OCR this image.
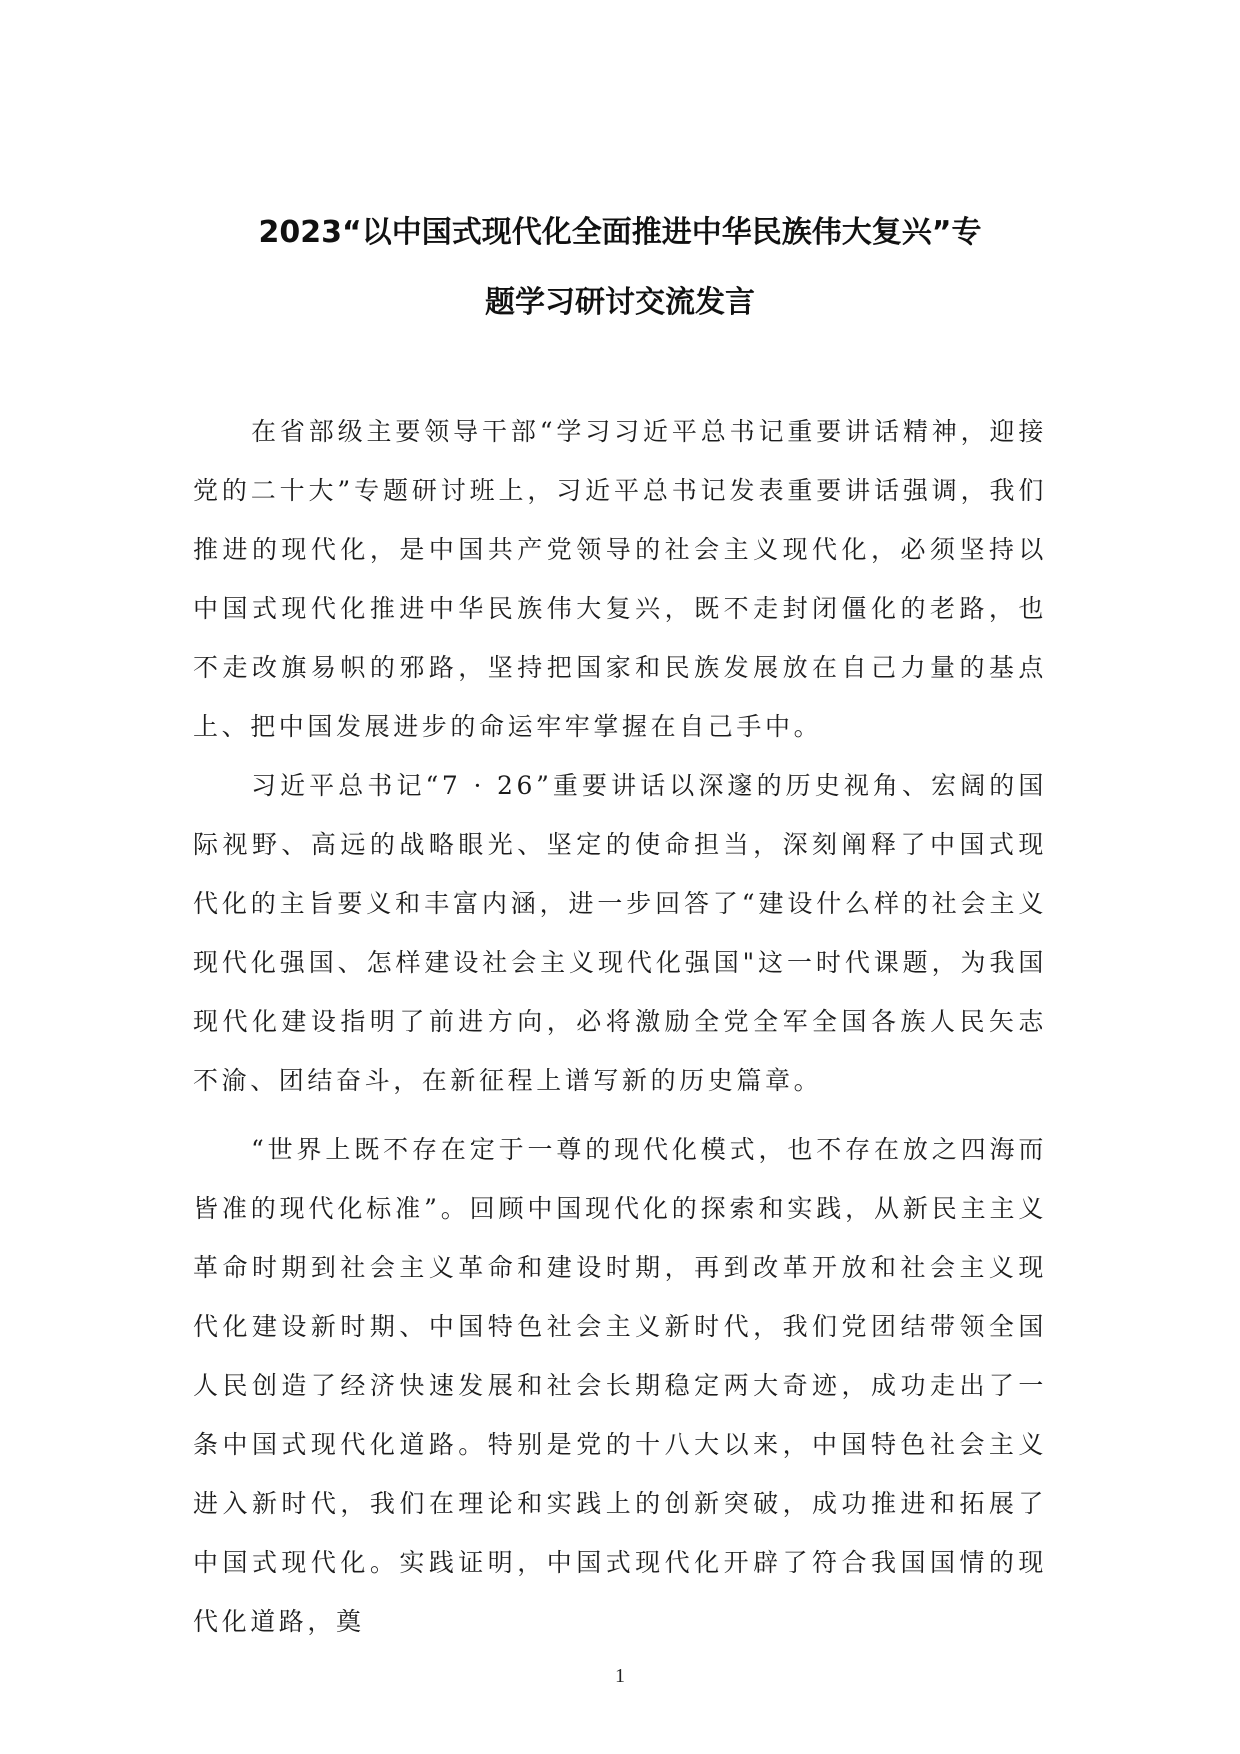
2023“以中国式现代化全面推进中华民族伟大复兴”专
题学习研讨交流发言

在省部级主要领导干部“学习习近平总书记重要讲话精神，迎接党的二十大”专题研讨班上，习近平总书记发表重要讲话强调，我们推进的现代化，是中国共产党领导的社会主义现代化，必须坚持以中国式现代化推进中华民族伟大复兴，既不走封闭僵化的老路，也不走改旗易帜的邪路，坚持把国家和民族发展放在自己力量的基点上、把中国发展进步的命运牢牢掌握在自己手中。

习近平总书记“7 · 26”重要讲话以深邃的历史视角、宏阔的国际视野、高远的战略眼光、坚定的使命担当，深刻阐释了中国式现代化的主旨要义和丰富内涵，进一步回答了“建设什么样的社会主义现代化强国、怎样建设社会主义现代化强国"这一时代课题，为我国现代化建设指明了前进方向，必将激励全党全军全国各族人民矢志不渝、团结奋斗，在新征程上谱写新的历史篇章。

“世界上既不存在定于一尊的现代化模式，也不存在放之四海而皆准的现代化标准”。回顾中国现代化的探索和实践，从新民主主义革命时期到社会主义革命和建设时期，再到改革开放和社会主义现代化建设新时期、中国特色社会主义新时代，我们党团结带领全国人民创造了经济快速发展和社会长期稳定两大奇迹，成功走出了一条中国式现代化道路。特别是党的十八大以来，中国特色社会主义进入新时代，我们在理论和实践上的创新突破，成功推进和拓展了中国式现代化。实践证明，中国式现代化开辟了符合我国国情的现代化道路，奠

1
